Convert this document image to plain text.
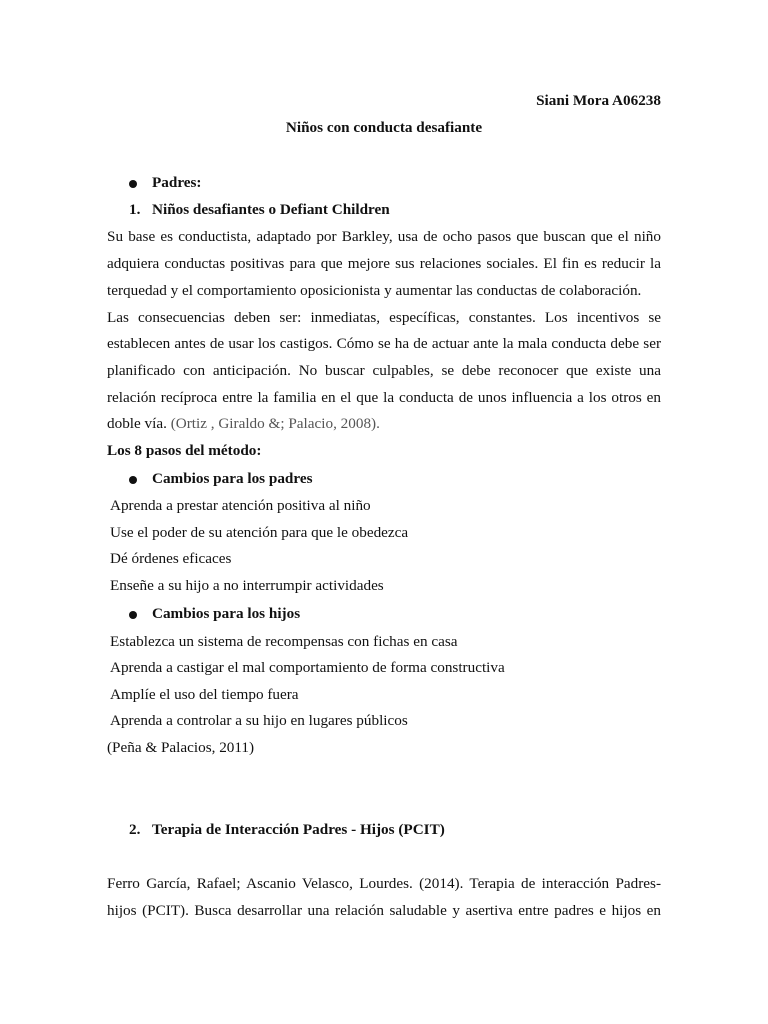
Siani Mora A06238
Niños con conducta desafiante
Padres:
1. Niños desafiantes o Defiant Children
Su base es conductista, adaptado por Barkley, usa de ocho pasos que buscan que el niño
adquiera conductas positivas para que mejore sus relaciones sociales. El fin es reducir la
terquedad y el comportamiento oposicionista y aumentar las conductas de colaboración.
Las consecuencias deben ser: inmediatas, específicas, constantes. Los incentivos se
establecen antes de usar los castigos. Cómo se ha de actuar ante la mala conducta debe ser
planificado con anticipación. No buscar culpables, se debe reconocer que existe una
relación recíproca entre la familia en el que la conducta de unos influencia a los otros en
doble vía. (Ortiz , Giraldo &; Palacio, 2008).
Los 8 pasos del método:
Cambios para los padres
Aprenda a prestar atención positiva al niño
Use el poder de su atención para que le obedezca
Dé órdenes eficaces
Enseñe a su hijo a no interrumpir actividades
Cambios para los hijos
Establezca un sistema de recompensas con fichas en casa
Aprenda a castigar el mal comportamiento de forma constructiva
Amplíe el uso del tiempo fuera
Aprenda a controlar a su hijo en lugares públicos
(Peña & Palacios, 2011)
2. Terapia de Interacción Padres - Hijos (PCIT)
Ferro García, Rafael; Ascanio Velasco, Lourdes. (2014). Terapia de interacción Padres-
hijos (PCIT). Busca desarrollar una relación saludable y asertiva entre padres e hijos en
